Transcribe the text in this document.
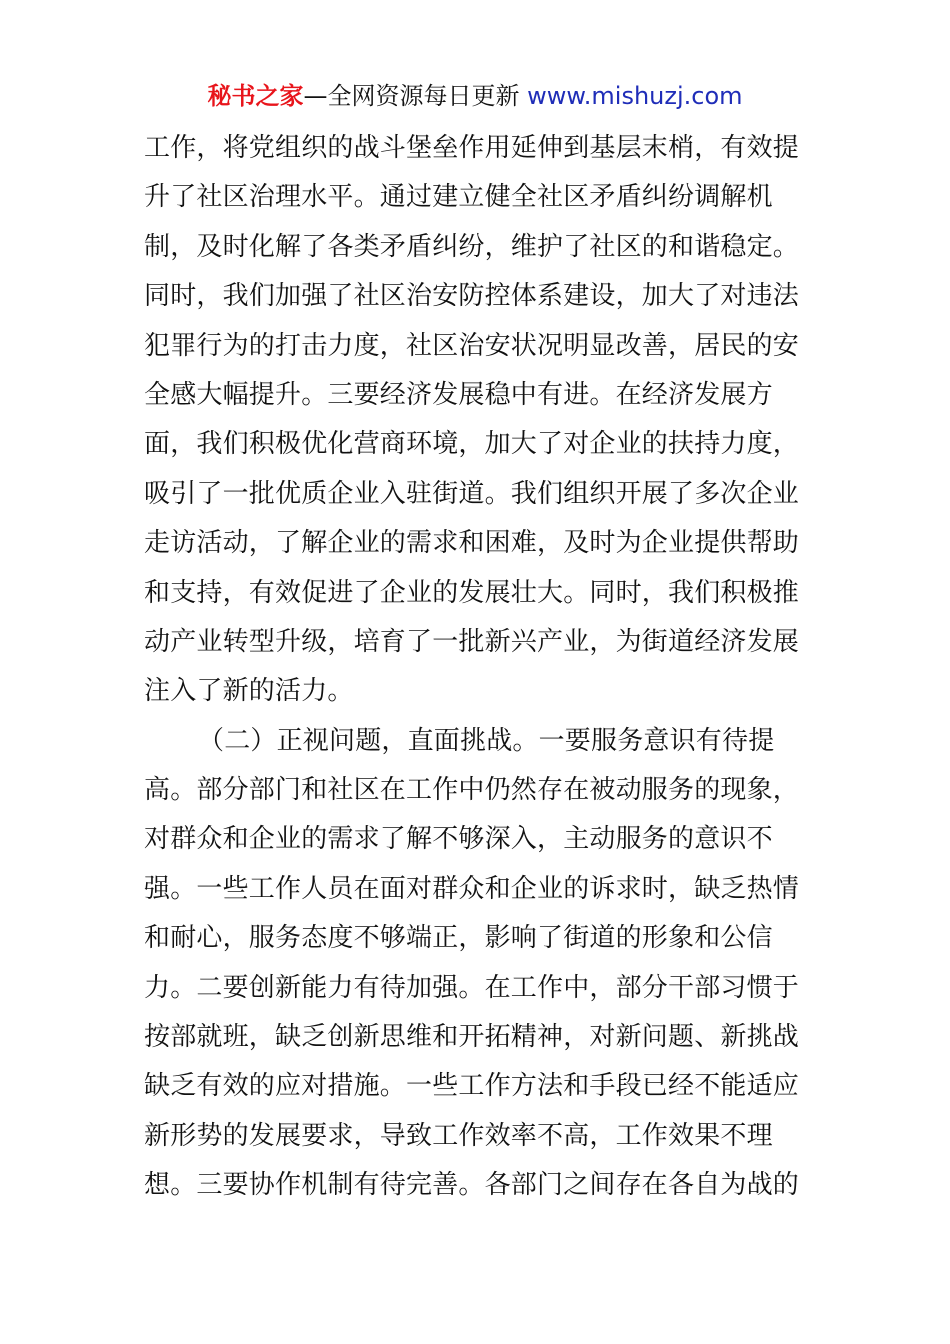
秘书之家—全网资源每日更新 www.mishuzj.com
工作，将党组织的战斗堡垒作用延伸到基层末梢，有效提
升了社区治理水平。通过建立健全社区矛盾纠纷调解机
制，及时化解了各类矛盾纠纷，维护了社区的和谐稳定。
同时，我们加强了社区治安防控体系建设，加大了对违法
犯罪行为的打击力度，社区治安状况明显改善，居民的安
全感大幅提升。三要经济发展稳中有进。在经济发展方
面，我们积极优化营商环境，加大了对企业的扶持力度，
吸引了一批优质企业入驻街道。我们组织开展了多次企业
走访活动，了解企业的需求和困难，及时为企业提供帮助
和支持，有效促进了企业的发展壮大。同时，我们积极推
动产业转型升级，培育了一批新兴产业，为街道经济发展
注入了新的活力。
（二）正视问题，直面挑战。一要服务意识有待提
高。部分部门和社区在工作中仍然存在被动服务的现象，
对群众和企业的需求了解不够深入，主动服务的意识不
强。一些工作人员在面对群众和企业的诉求时，缺乏热情
和耐心，服务态度不够端正，影响了街道的形象和公信
力。二要创新能力有待加强。在工作中，部分干部习惯于
按部就班，缺乏创新思维和开拓精神，对新问题、新挑战
缺乏有效的应对措施。一些工作方法和手段已经不能适应
新形势的发展要求，导致工作效率不高，工作效果不理
想。三要协作机制有待完善。各部门之间存在各自为战的
